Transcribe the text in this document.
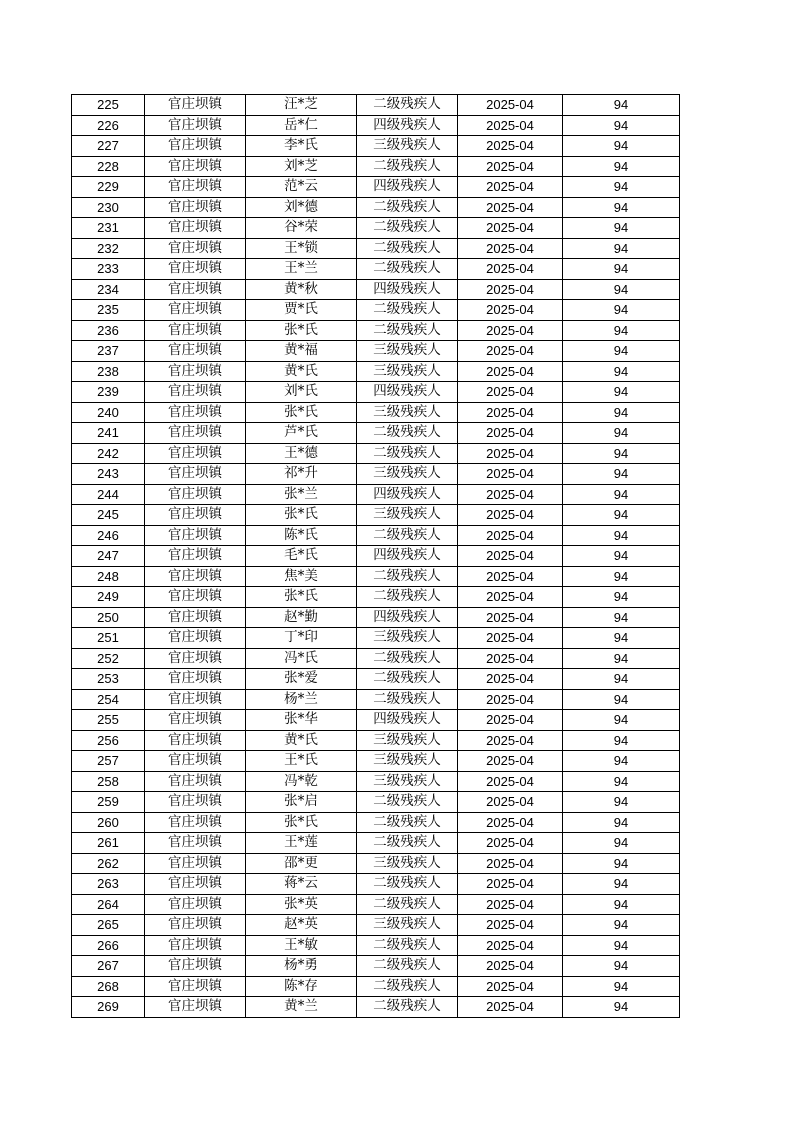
225	官庄坝镇	汪*芝	二级残疾人	2025-04	94
226	官庄坝镇	岳*仁	四级残疾人	2025-04	94
227	官庄坝镇	李*氏	三级残疾人	2025-04	94
228	官庄坝镇	刘*芝	二级残疾人	2025-04	94
229	官庄坝镇	范*云	四级残疾人	2025-04	94
230	官庄坝镇	刘*德	二级残疾人	2025-04	94
231	官庄坝镇	谷*荣	二级残疾人	2025-04	94
232	官庄坝镇	王*锁	二级残疾人	2025-04	94
233	官庄坝镇	王*兰	二级残疾人	2025-04	94
234	官庄坝镇	黄*秋	四级残疾人	2025-04	94
235	官庄坝镇	贾*氏	二级残疾人	2025-04	94
236	官庄坝镇	张*氏	二级残疾人	2025-04	94
237	官庄坝镇	黄*福	三级残疾人	2025-04	94
238	官庄坝镇	黄*氏	三级残疾人	2025-04	94
239	官庄坝镇	刘*氏	四级残疾人	2025-04	94
240	官庄坝镇	张*氏	三级残疾人	2025-04	94
241	官庄坝镇	芦*氏	二级残疾人	2025-04	94
242	官庄坝镇	王*德	二级残疾人	2025-04	94
243	官庄坝镇	祁*升	三级残疾人	2025-04	94
244	官庄坝镇	张*兰	四级残疾人	2025-04	94
245	官庄坝镇	张*氏	三级残疾人	2025-04	94
246	官庄坝镇	陈*氏	二级残疾人	2025-04	94
247	官庄坝镇	毛*氏	四级残疾人	2025-04	94
248	官庄坝镇	焦*美	二级残疾人	2025-04	94
249	官庄坝镇	张*氏	二级残疾人	2025-04	94
250	官庄坝镇	赵*勤	四级残疾人	2025-04	94
251	官庄坝镇	丁*印	三级残疾人	2025-04	94
252	官庄坝镇	冯*氏	二级残疾人	2025-04	94
253	官庄坝镇	张*爱	二级残疾人	2025-04	94
254	官庄坝镇	杨*兰	二级残疾人	2025-04	94
255	官庄坝镇	张*华	四级残疾人	2025-04	94
256	官庄坝镇	黄*氏	三级残疾人	2025-04	94
257	官庄坝镇	王*氏	三级残疾人	2025-04	94
258	官庄坝镇	冯*乾	三级残疾人	2025-04	94
259	官庄坝镇	张*启	二级残疾人	2025-04	94
260	官庄坝镇	张*氏	二级残疾人	2025-04	94
261	官庄坝镇	王*莲	二级残疾人	2025-04	94
262	官庄坝镇	邵*更	三级残疾人	2025-04	94
263	官庄坝镇	蒋*云	二级残疾人	2025-04	94
264	官庄坝镇	张*英	二级残疾人	2025-04	94
265	官庄坝镇	赵*英	三级残疾人	2025-04	94
266	官庄坝镇	王*敏	二级残疾人	2025-04	94
267	官庄坝镇	杨*勇	二级残疾人	2025-04	94
268	官庄坝镇	陈*存	二级残疾人	2025-04	94
269	官庄坝镇	黄*兰	二级残疾人	2025-04	94
